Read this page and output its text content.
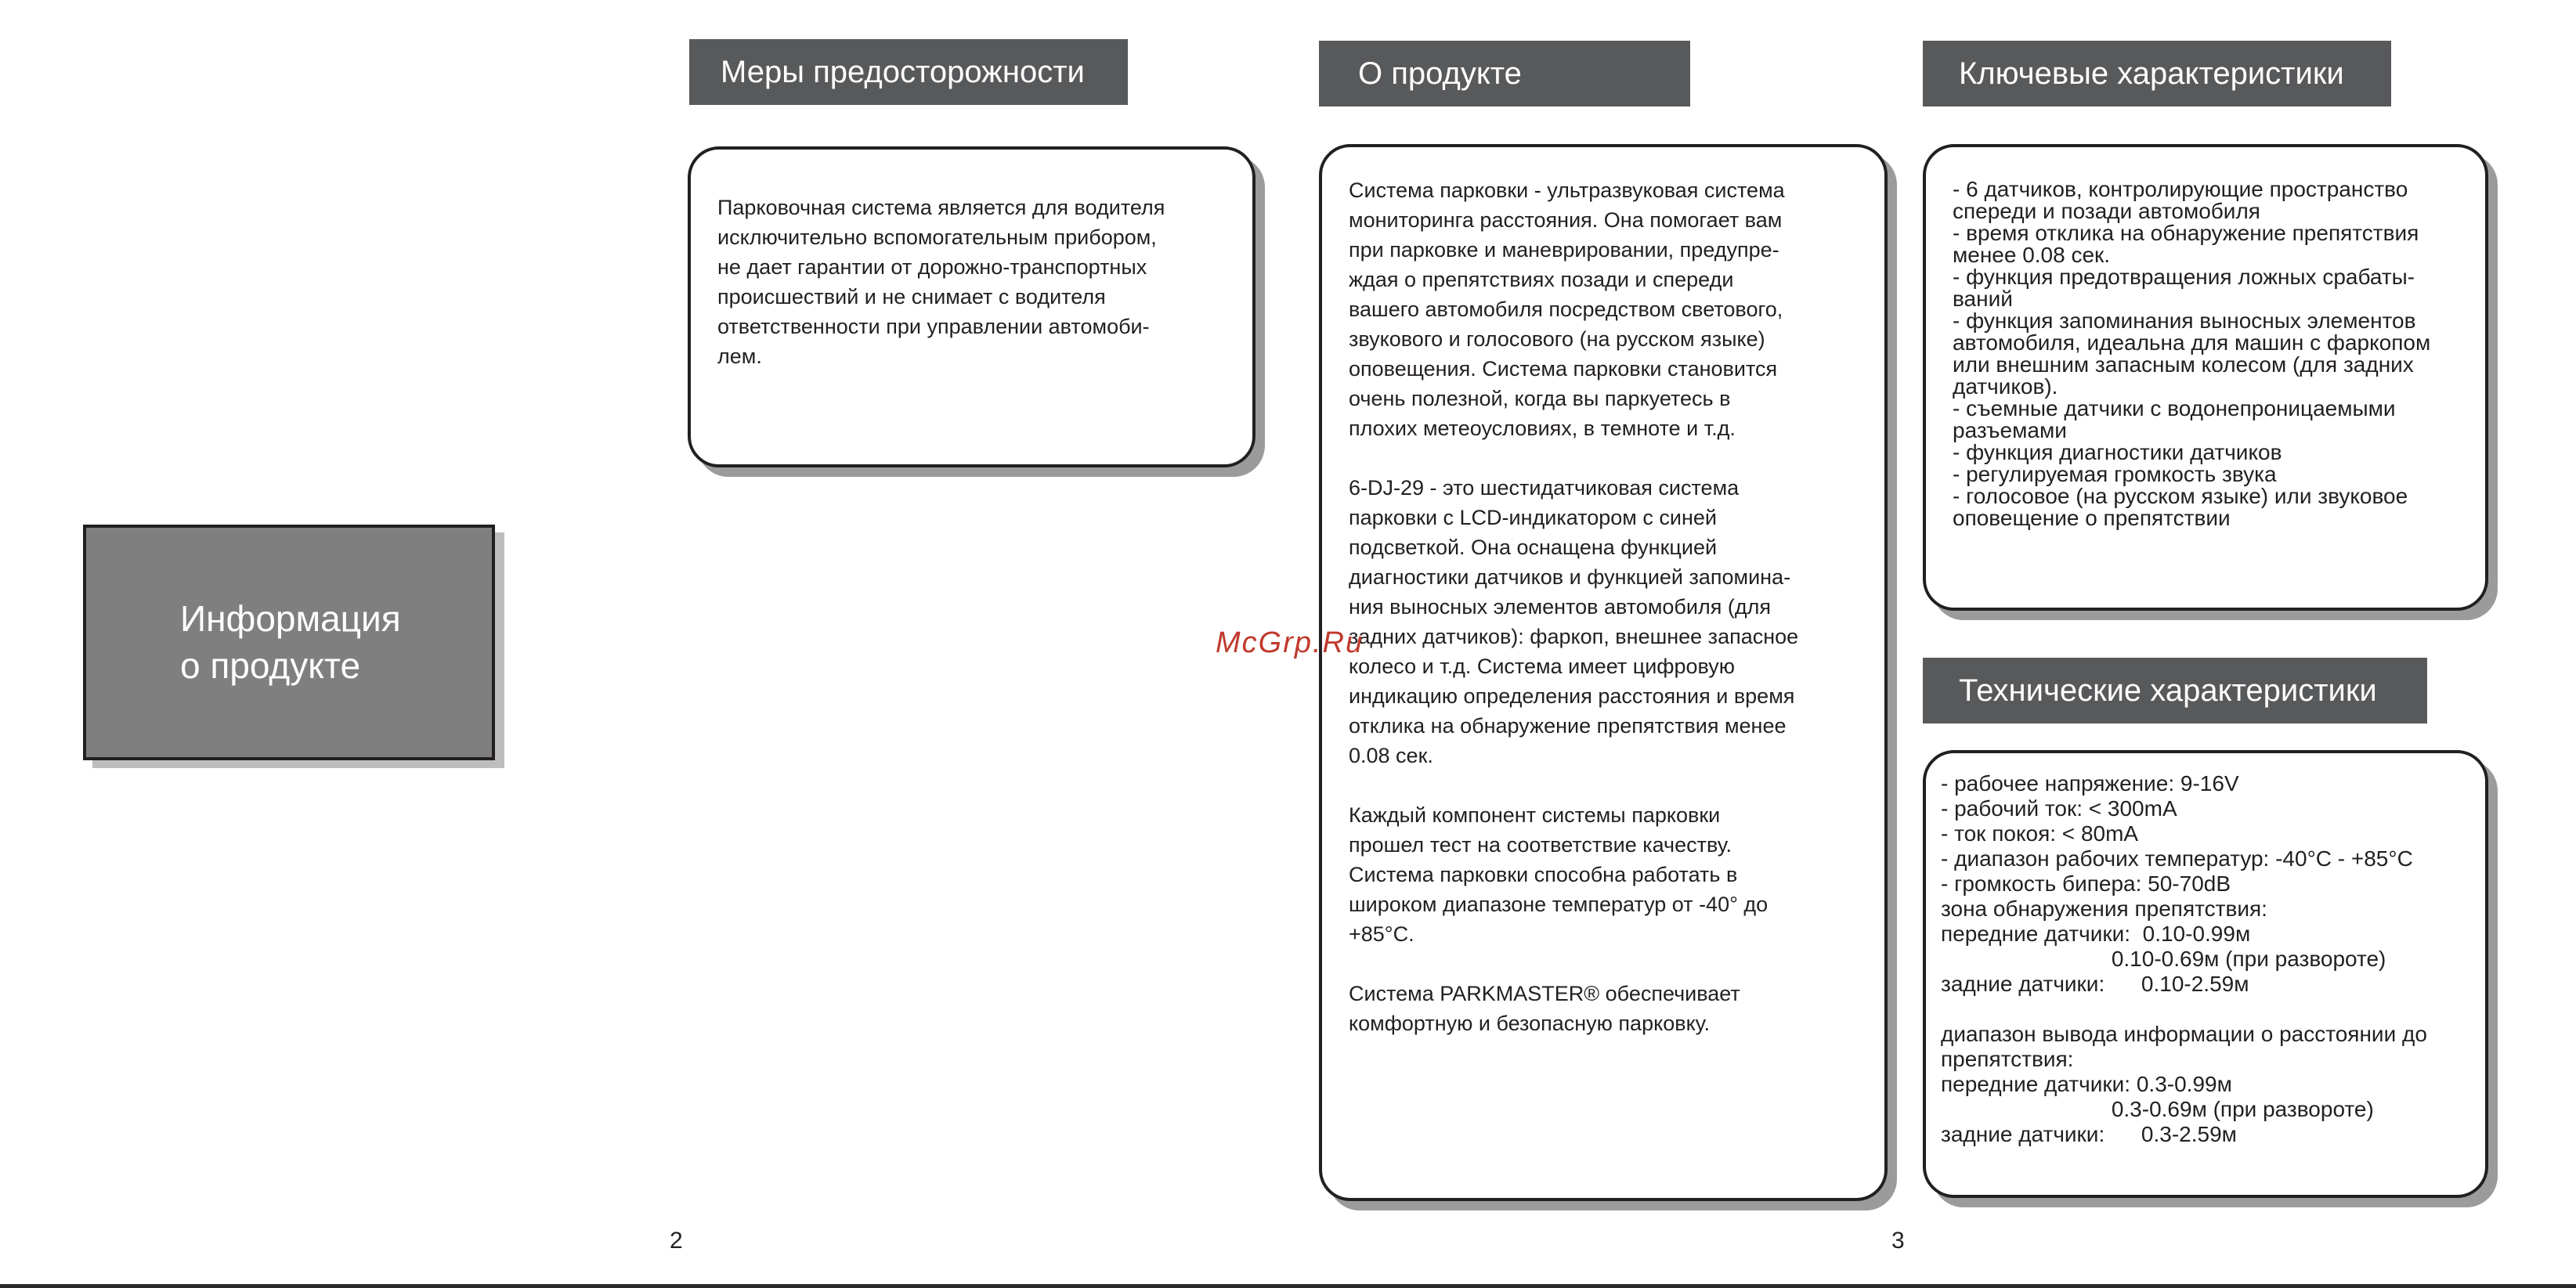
Информация
о продукте
Меры предосторожности
Парковочная система является для водителя
исключительно вспомогательным прибором,
не дает гарантии от дорожно-транспортных
происшествий и не снимает с водителя
ответственности при управлении автомоби-
лем.
2
О продукте
Система парковки - ультразвуковая система
мониторинга расстояния. Она помогает вам
при парковке и маневрировании, предупре-
ждая о препятствиях позади и спереди
вашего автомобиля посредством светового,
звукового и голосового (на русском языке)
оповещения. Система парковки становится
очень полезной, когда вы паркуетесь в
плохих метеоусловиях, в темноте и т.д.

6-DJ-29 - это шестидатчиковая система
парковки с LCD-индикатором с синей
подсветкой. Она оснащена функцией
диагностики датчиков и функцией запомина-
ния выносных элементов автомобиля (для
задних датчиков): фаркоп, внешнее запасное
колесо и т.д. Система имеет цифровую
индикацию определения расстояния и время
отклика на обнаружение препятствия менее
0.08 сек.

Каждый компонент системы парковки
прошел тест на соответствие качеству.
Система парковки способна работать в
широком диапазоне температур от -40° до
+85°С.

Система PARKMASTER® обеспечивает
комфортную и безопасную парковку.
Ключевые характеристики
- 6 датчиков, контролирующие пространство
спереди и позади автомобиля
- время отклика на обнаружение препятствия
менее 0.08 сек.
- функция предотвращения ложных срабаты-
ваний
- функция запоминания выносных элементов
автомобиля, идеальна для машин с фаркопом
или внешним запасным колесом (для задних
датчиков).
- съемные датчики с водонепроницаемыми
разъемами
- функция диагностики датчиков
- регулируемая громкость звука
- голосовое (на русском языке) или звуковое
оповещение о препятствии
Технические характеристики
- рабочее напряжение: 9-16V
- рабочий ток: < 300mA
- ток покоя: < 80mA
- диапазон рабочих температур: -40°С - +85°С
- громкость бипера: 50-70dB
зона обнаружения препятствия:
передние датчики:  0.10-0.99м
0.10-0.69м (при развороте)
задние датчики:      0.10-2.59м

диапазон вывода информации о расстоянии до
препятствия:
передние датчики: 0.3-0.99м
0.3-0.69м (при развороте)
задние датчики:      0.3-2.59м
3
McGrp.Ru
